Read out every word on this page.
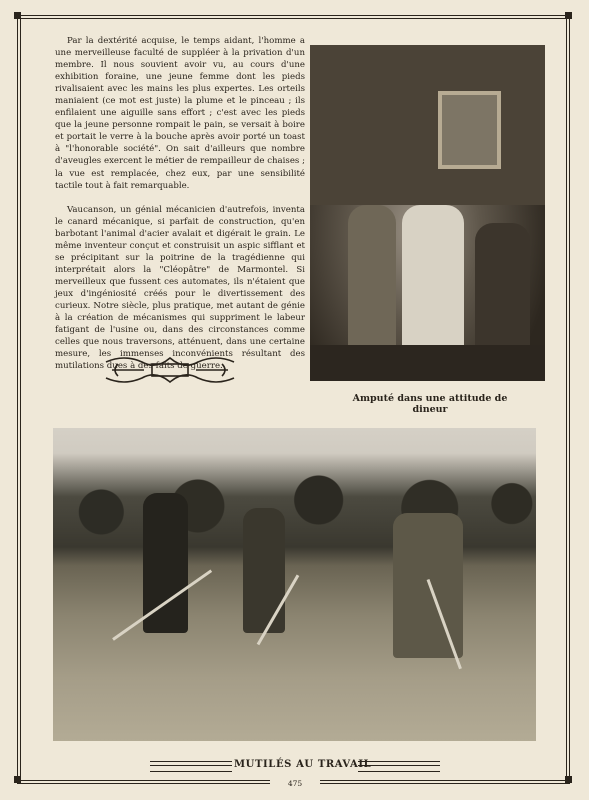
Par la dextérité acquise, le temps aidant, l'homme a une merveilleuse faculté de suppléer à la privation d'un membre. Il nous souvient avoir vu, au cours d'une exhibition foraine, une jeune femme dont les pieds rivalisaient avec les mains les plus expertes. Les orteils maniaient (ce mot est juste) la plume et le pinceau ; ils enfilaient une aiguille sans effort ; c'est avec les pieds que la jeune personne rompait le pain, se versait à boire et portait le verre à la bouche après avoir porté un toast à "l'honorable société". On sait d'ailleurs que nombre d'aveugles exercent le métier de rempailleur de chaises ; la vue est remplacée, chez eux, par une sensibilité tactile tout à fait remarquable.

Vaucanson, un génial mécanicien d'autrefois, inventa le canard mécanique, si parfait de construction, qu'en barbotant l'animal d'acier avalait et digérait le grain. Le même inventeur conçut et construisit un aspic sifflant et se précipitant sur la poitrine de la tragédienne qui interprétait alors la "Cléopâtre" de Marmontel. Si merveilleux que fussent ces automates, ils n'étaient que jeux d'ingéniosité créés pour le divertissement des curieux. Notre siècle, plus pratique, met autant de génie à la création de mécanismes qui suppriment le labeur fatigant de l'usine ou, dans des circonstances comme celles que nous traversons, atténuent, dans une certaine mesure, les immenses inconvénients résultant des mutilations dues à des faits de guerre.

Amputé dans une attitude de dineur
MUTILÉS AU TRAVAIL
475
